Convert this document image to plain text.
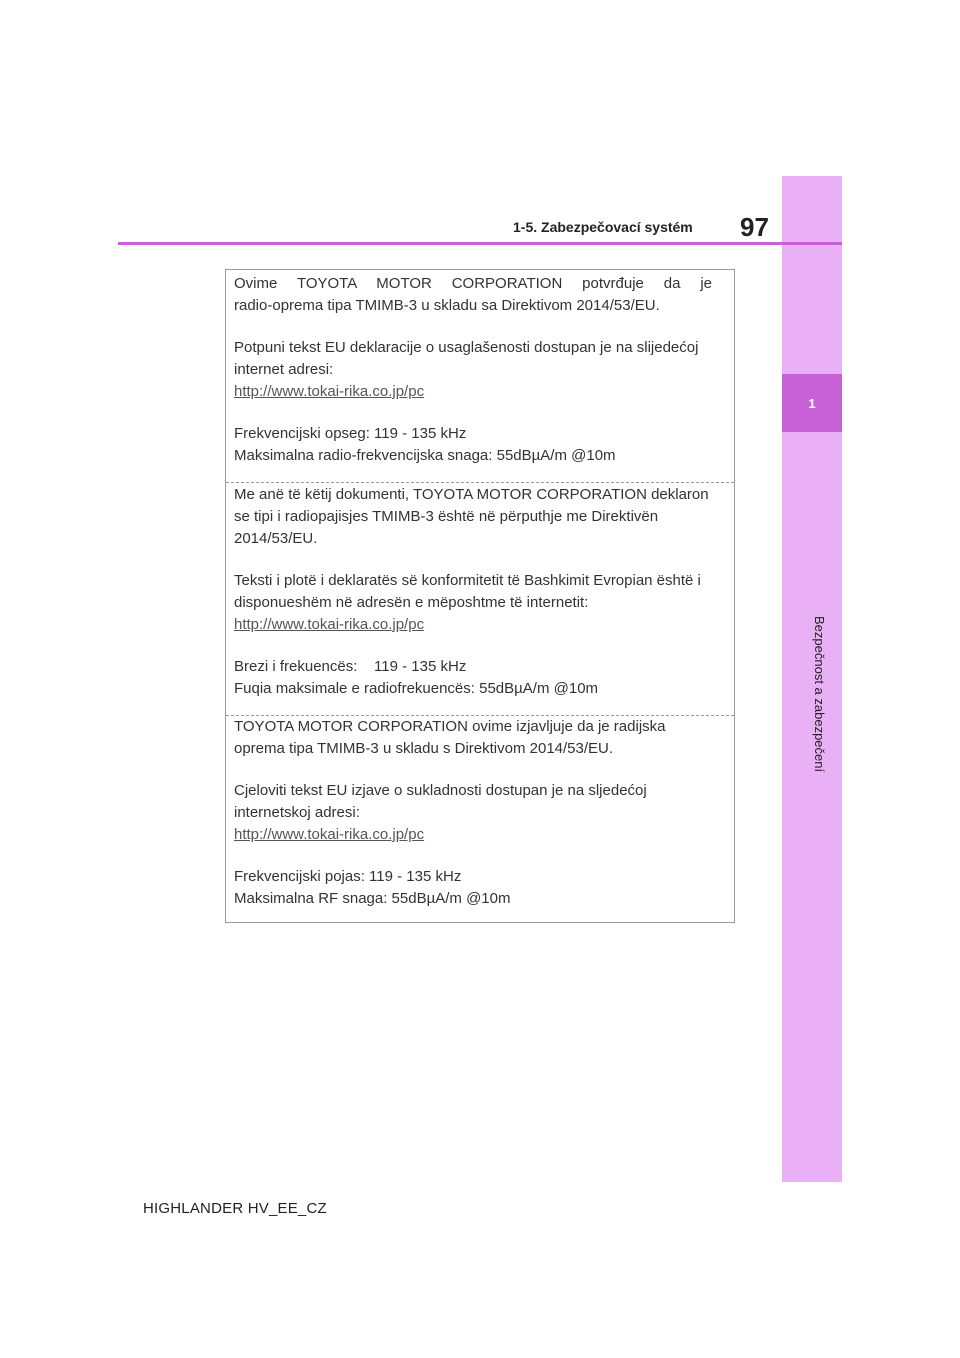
1
Bezpečnost a zabezpečení
1-5. Zabezpečovací systém 97

Ovime TOYOTA MOTOR CORPORATION potvrđuje da je

radio-oprema tipa TMIMB-3 u skladu sa Direktivom 2014/53/EU.

Potpuni tekst EU deklaracije o usaglašenosti dostupan je na slijedećoj internet adresi:

http://www.tokai-rika.co.jp/pc

Frekvencijski opseg: 119 - 135 kHz

Maksimalna radio-frekvencijska snaga: 55dBµA/m @10m

Me anë të këtij dokumenti, TOYOTA MOTOR CORPORATION deklaron se tipi i radiopajisjes TMIMB-3 është në përputhje me Direktivën 2014/53/EU.

Teksti i plotë i deklaratës së konformitetit të Bashkimit Evropian është i disponueshëm në adresën e mëposhtme të internetit:

http://www.tokai-rika.co.jp/pc

Brezi i frekuencës:    119 - 135 kHz

Fuqia maksimale e radiofrekuencës: 55dBµA/m @10m

TOYOTA MOTOR CORPORATION ovime izjavljuje da je radijska oprema tipa TMIMB-3 u skladu s Direktivom 2014/53/EU.

Cjeloviti tekst EU izjave o sukladnosti dostupan je na sljedećoj internetskoj adresi:

http://www.tokai-rika.co.jp/pc

Frekvencijski pojas: 119 - 135 kHz

Maksimalna RF snaga: 55dBµA/m @10m

HIGHLANDER HV_EE_CZ
